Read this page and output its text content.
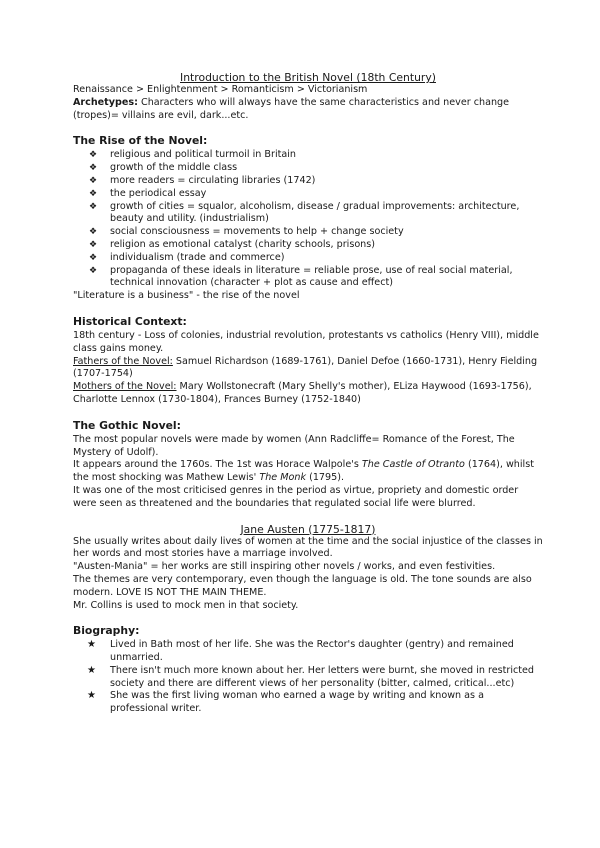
Introduction to the British Novel (18th Century)

Renaissance > Enlightenment > Romanticism > Victorianism

Archetypes: Characters who will always have the same characteristics and never change (tropes)= villains are evil, dark...etc.

The Rise of the Novel:

❖ religious and political turmoil in Britain
❖ growth of the middle class
❖ more readers = circulating libraries (1742)
❖ the periodical essay
❖ growth of cities = squalor, alcoholism, disease / gradual improvements: architecture, beauty and utility. (industrialism)
❖ social consciousness = movements to help + change society
❖ religion as emotional catalyst (charity schools, prisons)
❖ individualism (trade and commerce)
❖ propaganda of these ideals in literature = reliable prose, use of real social material, technical innovation (character + plot as cause and effect)

"Literature is a business" - the rise of the novel

Historical Context:

18th century - Loss of colonies, industrial revolution, protestants vs catholics (Henry VIII), middle class gains money.

Fathers of the Novel: Samuel Richardson (1689-1761), Daniel Defoe (1660-1731), Henry Fielding (1707-1754)

Mothers of the Novel: Mary Wollstonecraft (Mary Shelly's mother), ELiza Haywood (1693-1756), Charlotte Lennox (1730-1804), Frances Burney (1752-1840)

The Gothic Novel:

The most popular novels were made by women (Ann Radcliffe= Romance of the Forest, The Mystery of Udolf).

It appears around the 1760s. The 1st was Horace Walpole's The Castle of Otranto (1764), whilst the most shocking was Mathew Lewis' The Monk (1795).

It was one of the most criticised genres in the period as virtue, propriety and domestic order were seen as threatened and the boundaries that regulated social life were blurred.

Jane Austen (1775-1817)

She usually writes about daily lives of women at the time and the social injustice of the classes in her words and most stories have a marriage involved.

"Austen-Mania" = her works are still inspiring other novels / works, and even festivities.

The themes are very contemporary, even though the language is old. The tone sounds are also modern. LOVE IS NOT THE MAIN THEME.

Mr. Collins is used to mock men in that society.

Biography:

★ Lived in Bath most of her life. She was the Rector's daughter (gentry) and remained unmarried.
★ There isn't much more known about her. Her letters were burnt, she moved in restricted society and there are different views of her personality (bitter, calmed, critical...etc)
★ She was the first living woman who earned a wage by writing and known as a professional writer.
